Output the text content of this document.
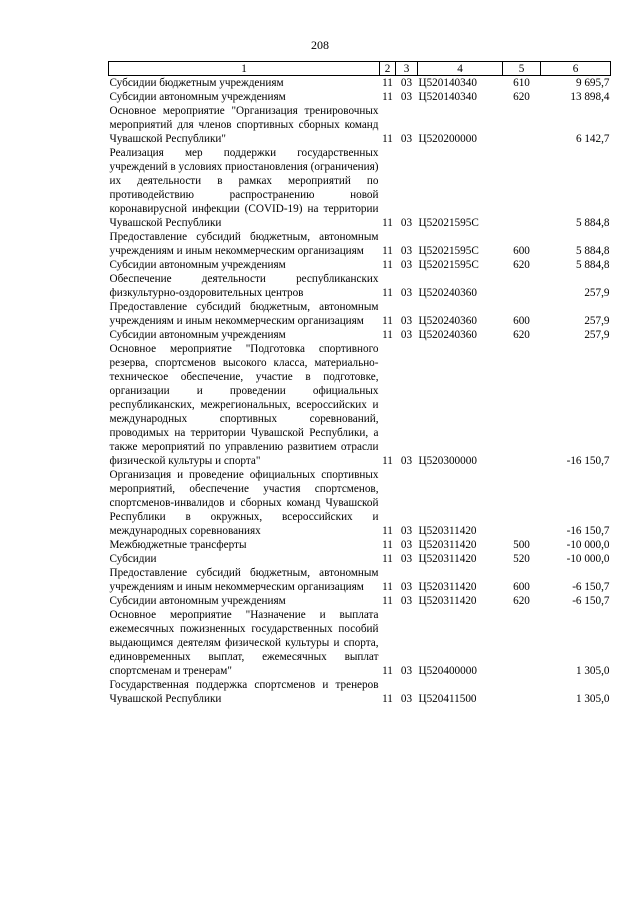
208
1	2	3	4	5	6
Субсидии бюджетным учреждениям	11	03	Ц520140340	610	9 695,7
Субсидии автономным учреждениям	11	03	Ц520140340	620	13 898,4
Основное мероприятие "Организация тренировочных мероприятий для членов спортивных сборных команд Чувашской Республики"	11	03	Ц520200000		6 142,7
Реализация мер поддержки государственных учреждений в условиях приостановления (ограничения) их деятельности в рамках мероприятий по противодействию распространению новой коронавирусной инфекции (COVID-19) на территории Чувашской Республики	11	03	Ц52021595C		5 884,8
Предоставление субсидий бюджетным, автономным учреждениям и иным некоммерческим организациям	11	03	Ц52021595C	600	5 884,8
Субсидии автономным учреждениям	11	03	Ц52021595C	620	5 884,8
Обеспечение деятельности республиканских физкультурно-оздоровительных центров	11	03	Ц520240360		257,9
Предоставление субсидий бюджетным, автономным учреждениям и иным некоммерческим организациям	11	03	Ц520240360	600	257,9
Субсидии автономным учреждениям	11	03	Ц520240360	620	257,9
Основное мероприятие "Подготовка спортивного резерва, спортсменов высокого класса, материально-техническое обеспечение, участие в подготовке, организации и проведении официальных республиканских, межрегиональных, всероссийских и международных спортивных соревнований, проводимых на территории Чувашской Республики, а также мероприятий по управлению развитием отрасли физической культуры и спорта"	11	03	Ц520300000		-16 150,7
Организация и проведение официальных спортивных мероприятий, обеспечение участия спортсменов, спортсменов-инвалидов и сборных команд Чувашской Республики в окружных, всероссийских и международных соревнованиях	11	03	Ц520311420		-16 150,7
Межбюджетные трансферты	11	03	Ц520311420	500	-10 000,0
Субсидии	11	03	Ц520311420	520	-10 000,0
Предоставление субсидий бюджетным, автономным учреждениям и иным некоммерческим организациям	11	03	Ц520311420	600	-6 150,7
Субсидии автономным учреждениям	11	03	Ц520311420	620	-6 150,7
Основное мероприятие "Назначение и выплата ежемесячных пожизненных государственных пособий выдающимся деятелям физической культуры и спорта, единовременных выплат, ежемесячных выплат спортсменам и тренерам"	11	03	Ц520400000		1 305,0
Государственная поддержка спортсменов и тренеров Чувашской Республики	11	03	Ц520411500		1 305,0
